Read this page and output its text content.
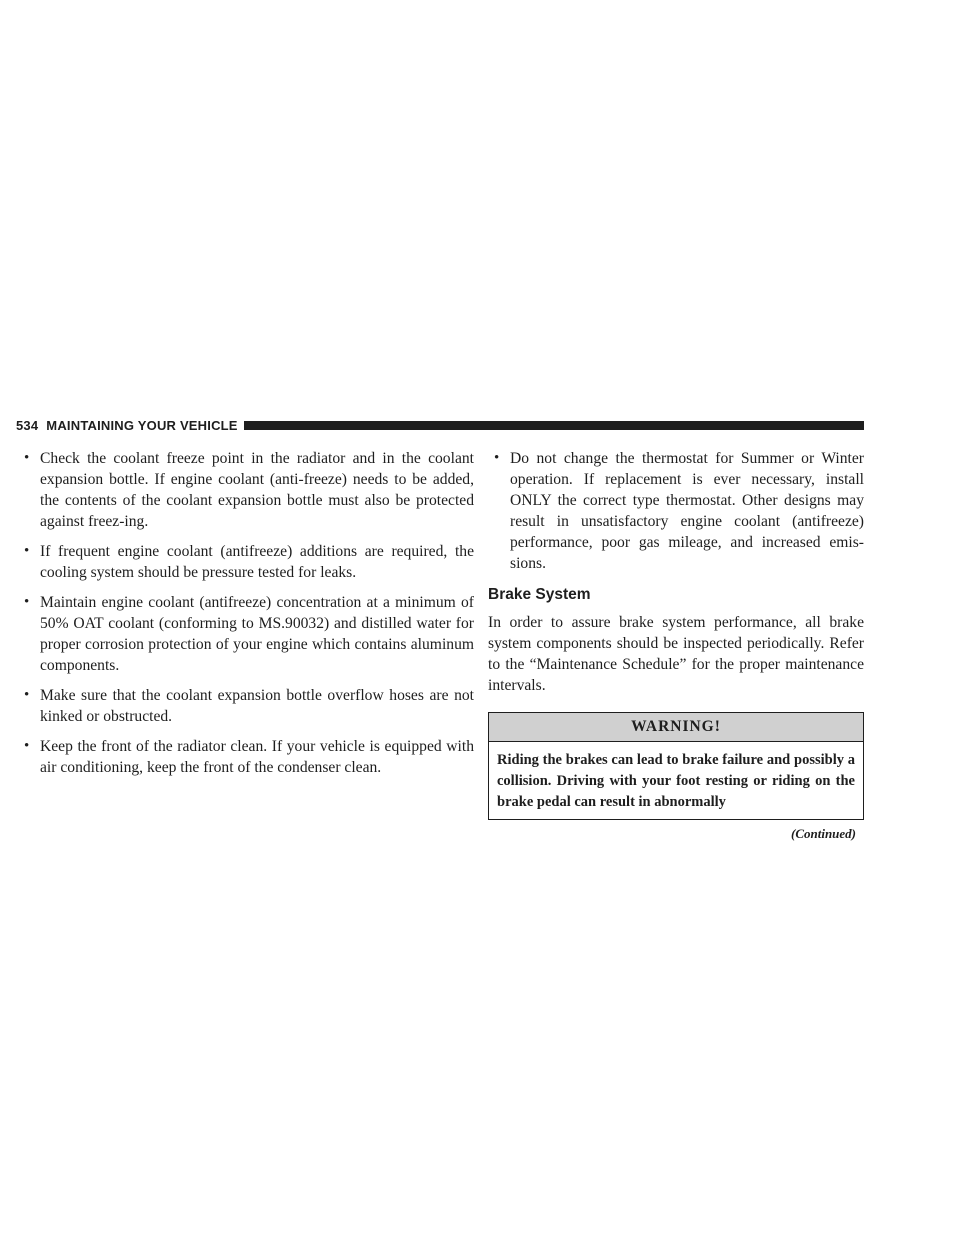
534 MAINTAINING YOUR VEHICLE
• Check the coolant freeze point in the radiator and in the coolant expansion bottle. If engine coolant (anti-freeze) needs to be added, the contents of the coolant expansion bottle must also be protected against freez-ing.
• If frequent engine coolant (antifreeze) additions are required, the cooling system should be pressure tested for leaks.
• Maintain engine coolant (antifreeze) concentration at a minimum of 50% OAT coolant (conforming to MS.90032) and distilled water for proper corrosion protection of your engine which contains aluminum components.
• Make sure that the coolant expansion bottle overflow hoses are not kinked or obstructed.
• Keep the front of the radiator clean. If your vehicle is equipped with air conditioning, keep the front of the condenser clean.
• Do not change the thermostat for Summer or Winter operation. If replacement is ever necessary, install ONLY the correct type thermostat. Other designs may result in unsatisfactory engine coolant (antifreeze) performance, poor gas mileage, and increased emis-sions.
Brake System

In order to assure brake system performance, all brake system components should be inspected periodically. Refer to the “Maintenance Schedule” for the proper maintenance intervals.

WARNING!
Riding the brakes can lead to brake failure and possibly a collision. Driving with your foot resting or riding on the brake pedal can result in abnormally
(Continued)
